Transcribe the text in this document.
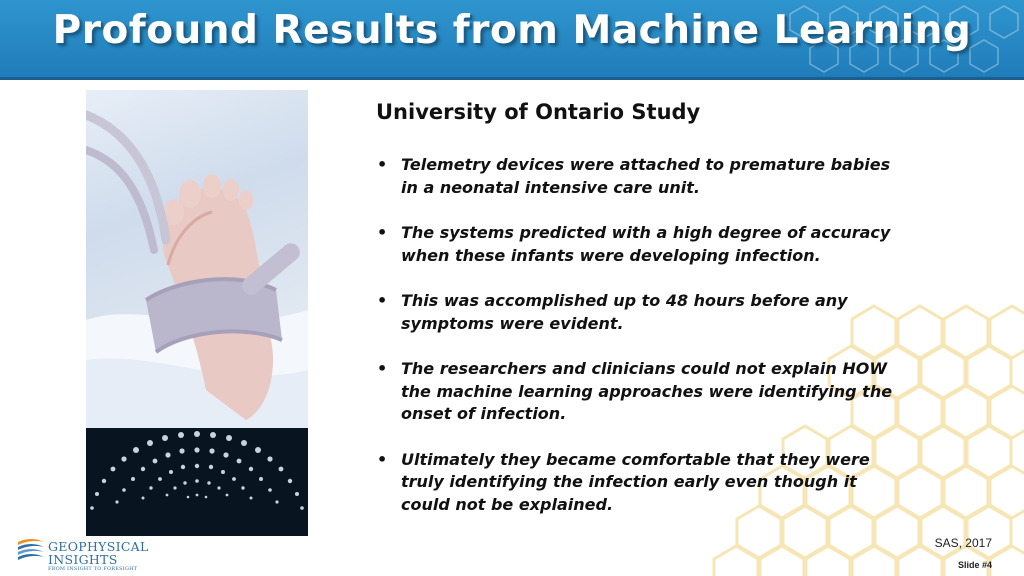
Profound Results from Machine Learning
University of Ontario Study
• Telemetry devices were attached to premature babies in a neonatal intensive care unit.
• The systems predicted with a high degree of accuracy when these infants were developing infection.
• This was accomplished up to 48 hours before any symptoms were evident.
• The researchers and clinicians could not explain HOW the machine learning approaches were identifying the onset of infection.
• Ultimately they became comfortable that they were truly identifying the infection early even though it could not be explained.
GEOPHYSICAL
INSIGHTS
FROM INSIGHT TO FORESIGHT
SAS, 2017
Slide #4
